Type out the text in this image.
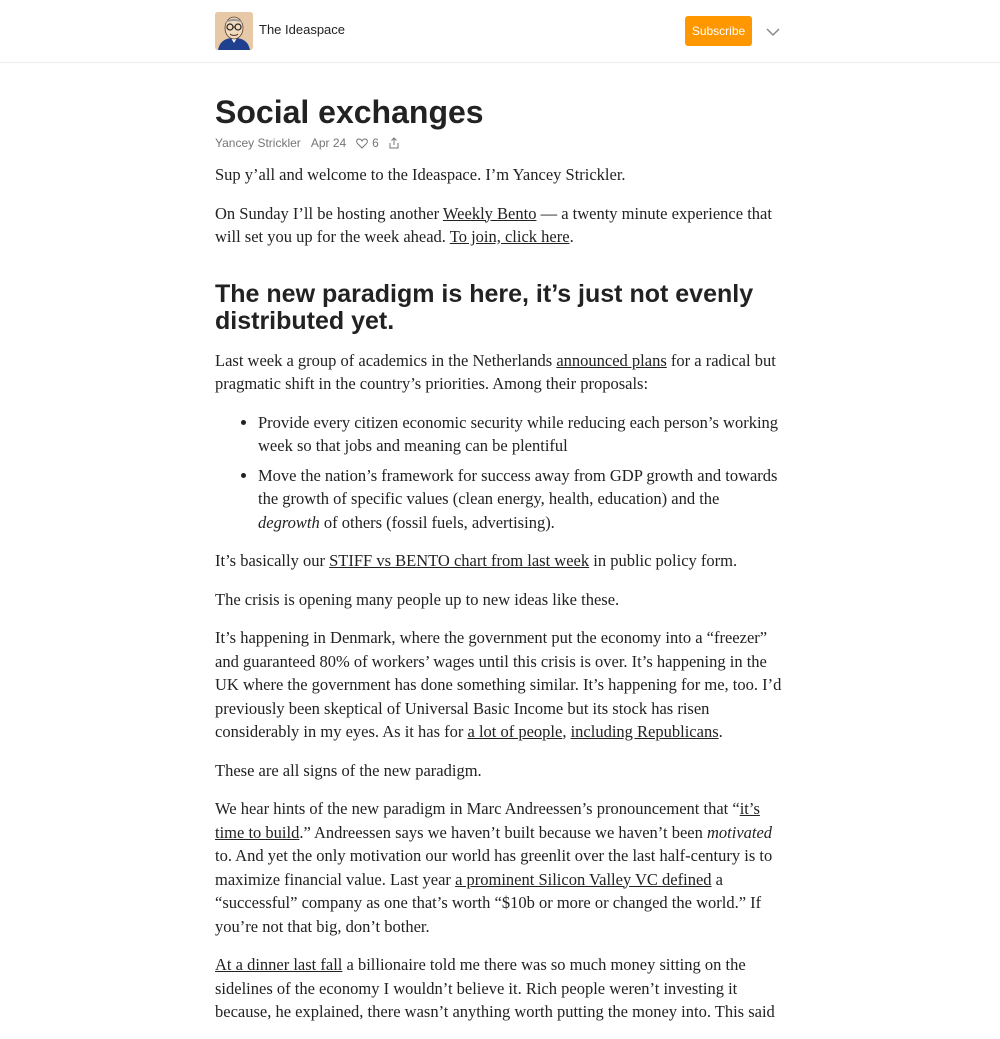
The Ideaspace	Subscribe
Social exchanges
Yancey Strickler Apr 24 6

Sup y’all and welcome to the Ideaspace. I’m Yancey Strickler.

On Sunday I’ll be hosting another Weekly Bento — a twenty minute experience that will set you up for the week ahead. To join, click here.

The new paradigm is here, it’s just not evenly distributed yet.

Last week a group of academics in the Netherlands announced plans for a radical but pragmatic shift in the country’s priorities. Among their proposals:

• Provide every citizen economic security while reducing each person’s working week so that jobs and meaning can be plentiful
• Move the nation’s framework for success away from GDP growth and towards the growth of specific values (clean energy, health, education) and the degrowth of others (fossil fuels, advertising).

It’s basically our STIFF vs BENTO chart from last week in public policy form.

The crisis is opening many people up to new ideas like these.

It’s happening in Denmark, where the government put the economy into a “freezer” and guaranteed 80% of workers’ wages until this crisis is over. It’s happening in the UK where the government has done something similar. It’s happening for me, too. I’d previously been skeptical of Universal Basic Income but its stock has risen considerably in my eyes. As it has for a lot of people, including Republicans.

These are all signs of the new paradigm.

We hear hints of the new paradigm in Marc Andreessen’s pronouncement that “it’s time to build.” Andreessen says we haven’t built because we haven’t been motivated to. And yet the only motivation our world has greenlit over the last half-century is to maximize financial value. Last year a prominent Silicon Valley VC defined a “successful” company as one that’s worth “$10b or more or changed the world.” If you’re not that big, don’t bother.

At a dinner last fall a billionaire told me there was so much money sitting on the sidelines of the economy I wouldn’t believe it. Rich people weren’t investing it because, he explained, there wasn’t anything worth putting the money into. This said
